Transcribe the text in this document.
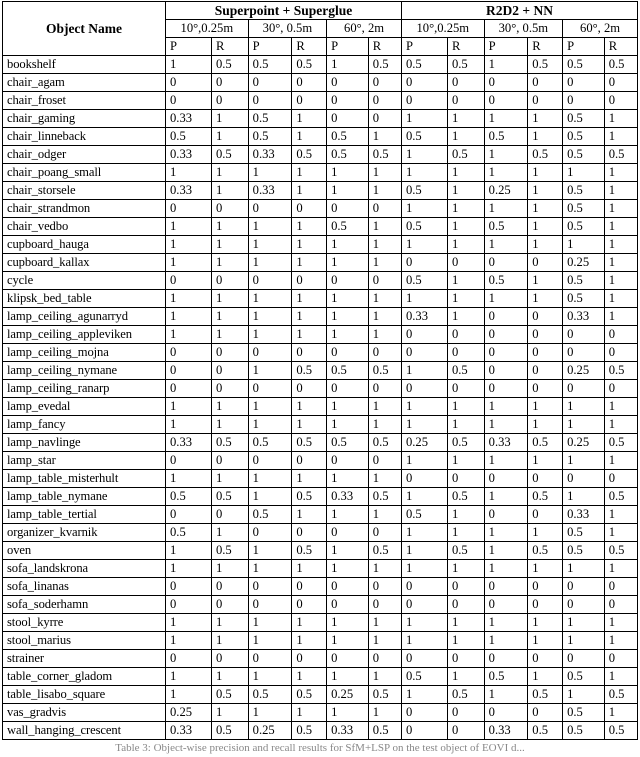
Object Name	Superpoint + Superglue						R2D2 + NN					
	10°,0.25m		30°, 0.5m		60°, 2m		10°,0.25m		30°, 0.5m		60°, 2m	
	P	R	P	R	P	R	P	R	P	R	P	R
bookshelf	1	0.5	0.5	0.5	1	0.5	0.5	0.5	1	0.5	0.5	0.5
chair_agam	0	0	0	0	0	0	0	0	0	0	0	0
chair_froset	0	0	0	0	0	0	0	0	0	0	0	0
chair_gaming	0.33	1	0.5	1	0	0	1	1	1	1	0.5	1
chair_linneback	0.5	1	0.5	1	0.5	1	0.5	1	0.5	1	0.5	1
chair_odger	0.33	0.5	0.33	0.5	0.5	0.5	1	0.5	1	0.5	0.5	0.5
chair_poang_small	1	1	1	1	1	1	1	1	1	1	1	1
chair_storsele	0.33	1	0.33	1	1	1	0.5	1	0.25	1	0.5	1
chair_strandmon	0	0	0	0	0	0	1	1	1	1	0.5	1
chair_vedbo	1	1	1	1	0.5	1	0.5	1	0.5	1	0.5	1
cupboard_hauga	1	1	1	1	1	1	1	1	1	1	1	1
cupboard_kallax	1	1	1	1	1	1	0	0	0	0	0.25	1
cycle	0	0	0	0	0	0	0.5	1	0.5	1	0.5	1
klipsk_bed_table	1	1	1	1	1	1	1	1	1	1	0.5	1
lamp_ceiling_agunarryd	1	1	1	1	1	1	0.33	1	0	0	0.33	1
lamp_ceiling_appleviken	1	1	1	1	1	1	0	0	0	0	0	0
lamp_ceiling_mojna	0	0	0	0	0	0	0	0	0	0	0	0
lamp_ceiling_nymane	0	0	1	0.5	0.5	0.5	1	0.5	0	0	0.25	0.5
lamp_ceiling_ranarp	0	0	0	0	0	0	0	0	0	0	0	0
lamp_evedal	1	1	1	1	1	1	1	1	1	1	1	1
lamp_fancy	1	1	1	1	1	1	1	1	1	1	1	1
lamp_navlinge	0.33	0.5	0.5	0.5	0.5	0.5	0.25	0.5	0.33	0.5	0.25	0.5
lamp_star	0	0	0	0	0	0	1	1	1	1	1	1
lamp_table_misterhult	1	1	1	1	1	1	0	0	0	0	0	0
lamp_table_nymane	0.5	0.5	1	0.5	0.33	0.5	1	0.5	1	0.5	1	0.5
lamp_table_tertial	0	0	0.5	1	1	1	0.5	1	0	0	0.33	1
organizer_kvarnik	0.5	1	0	0	0	0	1	1	1	1	0.5	1
oven	1	0.5	1	0.5	1	0.5	1	0.5	1	0.5	0.5	0.5
sofa_landskrona	1	1	1	1	1	1	1	1	1	1	1	1
sofa_linanas	0	0	0	0	0	0	0	0	0	0	0	0
sofa_soderhamn	0	0	0	0	0	0	0	0	0	0	0	0
stool_kyrre	1	1	1	1	1	1	1	1	1	1	1	1
stool_marius	1	1	1	1	1	1	1	1	1	1	1	1
strainer	0	0	0	0	0	0	0	0	0	0	0	0
table_corner_gladom	1	1	1	1	1	1	0.5	1	0.5	1	0.5	1
table_lisabo_square	1	0.5	0.5	0.5	0.25	0.5	1	0.5	1	0.5	1	0.5
vas_gradvis	0.25	1	1	1	1	1	0	0	0	0	0.5	1
wall_hanging_crescent	0.33	0.5	0.25	0.5	0.33	0.5	0	0	0.33	0.5	0.5	0.5
Table 3: Object-wise precision and recall results for SfM+LSP on the test object of EOVI d...
